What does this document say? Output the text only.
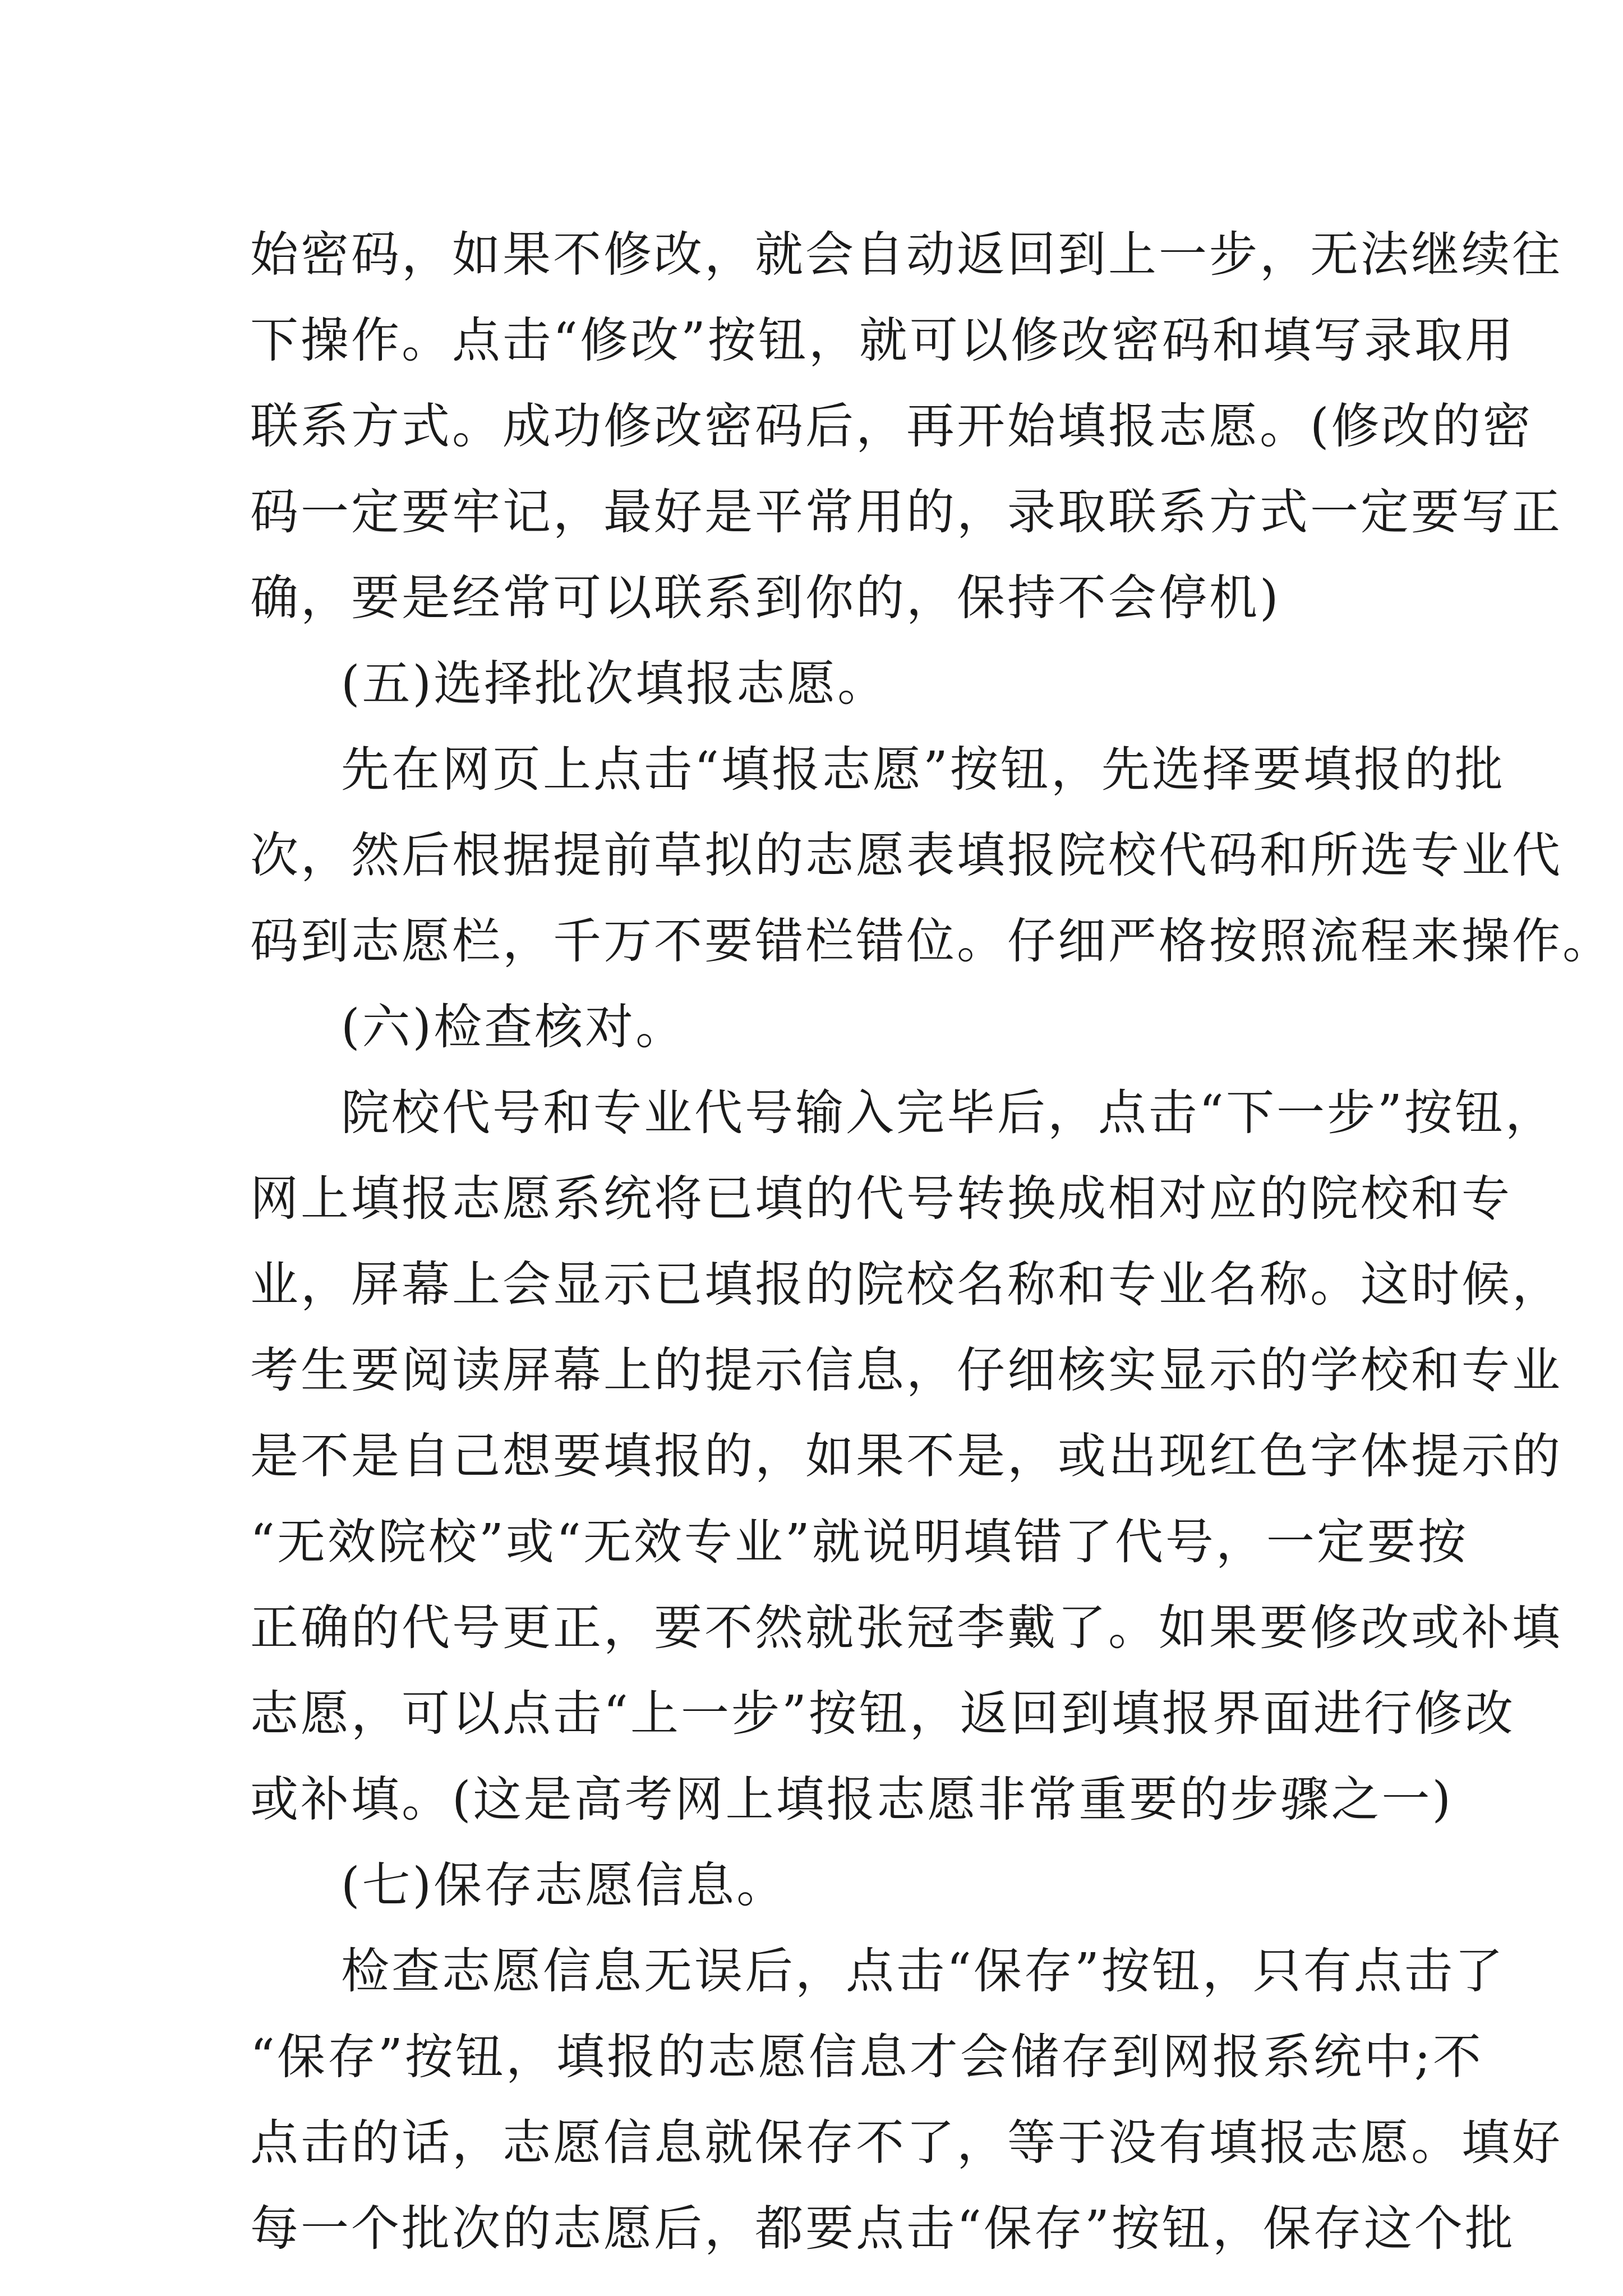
始密码，如果不修改，就会自动返回到上一步，无法继续往
下操作。点击“修改”按钮，就可以修改密码和填写录取用
联系方式。成功修改密码后，再开始填报志愿。(修改的密
码一定要牢记，最好是平常用的，录取联系方式一定要写正
确，要是经常可以联系到你的，保持不会停机)
(五)选择批次填报志愿。
先在网页上点击“填报志愿”按钮，先选择要填报的批
次，然后根据提前草拟的志愿表填报院校代码和所选专业代
码到志愿栏，千万不要错栏错位。仔细严格按照流程来操作。
(六)检查核对。
院校代号和专业代号输入完毕后，点击“下一步”按钮，
网上填报志愿系统将已填的代号转换成相对应的院校和专
业，屏幕上会显示已填报的院校名称和专业名称。这时候，
考生要阅读屏幕上的提示信息，仔细核实显示的学校和专业
是不是自己想要填报的，如果不是，或出现红色字体提示的
“无效院校”或“无效专业”就说明填错了代号，一定要按
正确的代号更正，要不然就张冠李戴了。如果要修改或补填
志愿，可以点击“上一步”按钮，返回到填报界面进行修改
或补填。(这是高考网上填报志愿非常重要的步骤之一)
(七)保存志愿信息。
检查志愿信息无误后，点击“保存”按钮，只有点击了
“保存”按钮，填报的志愿信息才会储存到网报系统中;不
点击的话，志愿信息就保存不了，等于没有填报志愿。填好
每一个批次的志愿后，都要点击“保存”按钮，保存这个批
